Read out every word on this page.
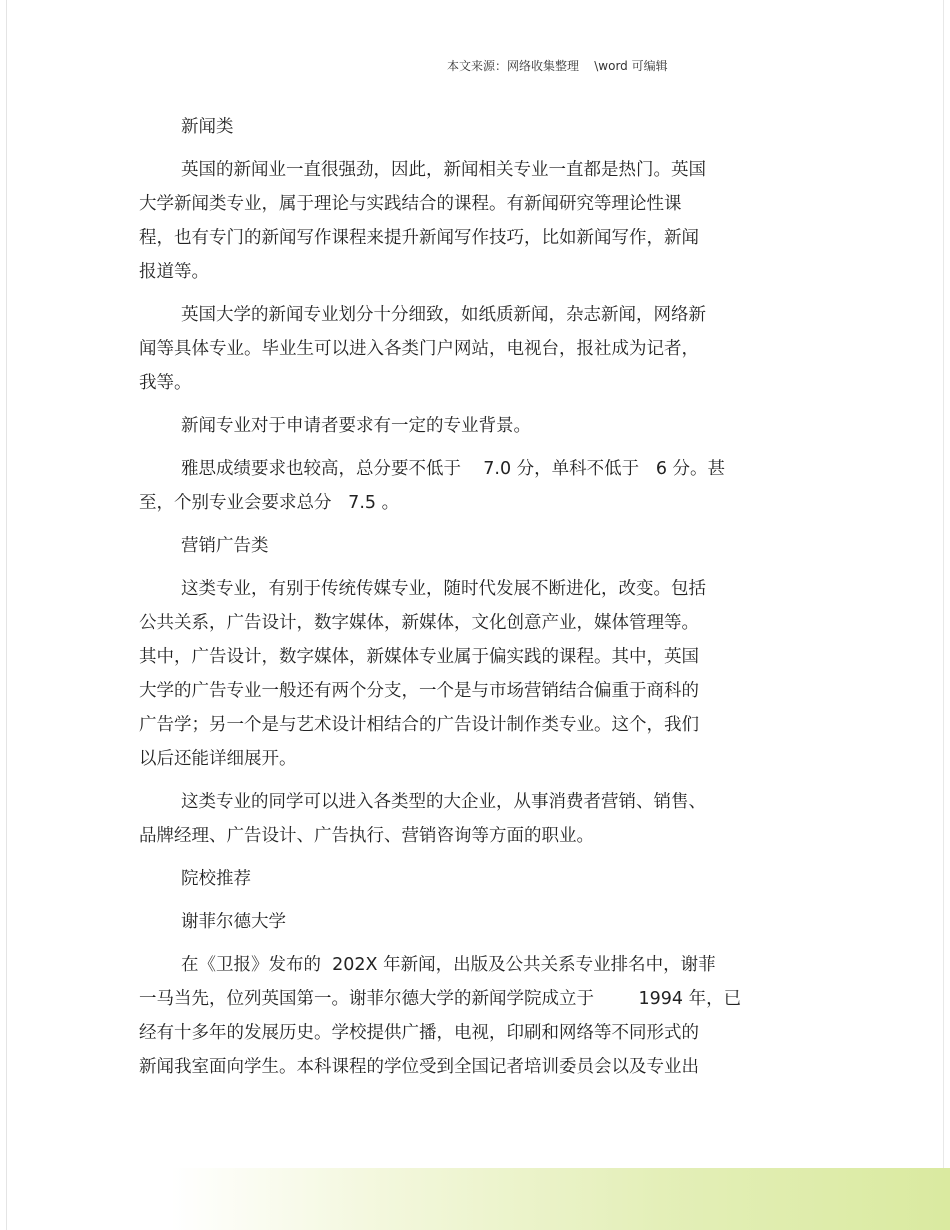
本文来源：网络收集整理    \word 可编辑

新闻类

英国的新闻业一直很强劲，因此，新闻相关专业一直都是热门。英国
大学新闻类专业，属于理论与实践结合的课程。有新闻研究等理论性课
程，也有专门的新闻写作课程来提升新闻写作技巧，比如新闻写作，新闻
报道等。

英国大学的新闻专业划分十分细致，如纸质新闻，杂志新闻，网络新
闻等具体专业。毕业生可以进入各类门户网站，电视台，报社成为记者，
我等。

新闻专业对于申请者要求有一定的专业背景。

雅思成绩要求也较高，总分要不低于    7.0 分，单科不低于   6 分。甚
至，个别专业会要求总分   7.5 。

营销广告类

这类专业，有别于传统传媒专业，随时代发展不断进化，改变。包括
公共关系，广告设计，数字媒体，新媒体，文化创意产业，媒体管理等。
其中，广告设计，数字媒体，新媒体专业属于偏实践的课程。其中，英国
大学的广告专业一般还有两个分支，一个是与市场营销结合偏重于商科的
广告学；另一个是与艺术设计相结合的广告设计制作类专业。这个，我们
以后还能详细展开。

这类专业的同学可以进入各类型的大企业，从事消费者营销、销售、
品牌经理、广告设计、广告执行、营销咨询等方面的职业。

院校推荐

谢菲尔德大学

在《卫报》发布的  202X 年新闻，出版及公共关系专业排名中，谢菲
一马当先，位列英国第一。谢菲尔德大学的新闻学院成立于        1994 年，已
经有十多年的发展历史。学校提供广播，电视，印刷和网络等不同形式的
新闻我室面向学生。本科课程的学位受到全国记者培训委员会以及专业出
